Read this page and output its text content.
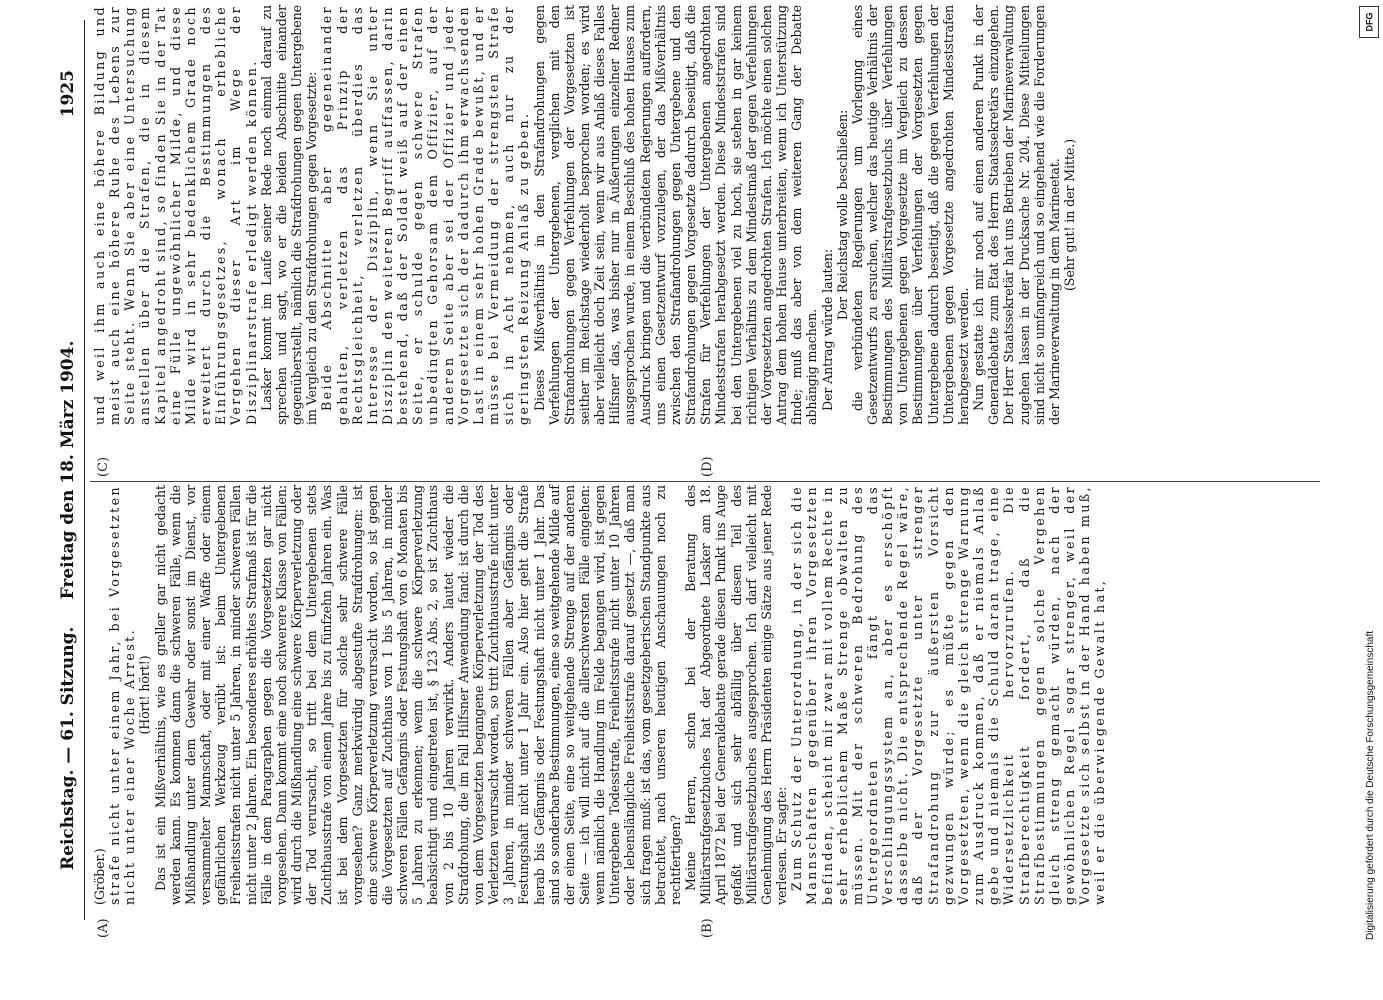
Reichstag. — 61. Sitzung.
Freitag den 18. März 1904.
1925
(A)	(B)
(C)	(D)

(Gröber.) strafe nicht unter einem Jahr, bei Vorgesetzten nicht unter einer Woche Arrest. (Hört! hört!) Das ist ein Mißverhältnis, wie es greller gar nicht gedacht werden kann. Es kommen dann die schweren Fälle, wenn die Mißhandlung unter dem Gewehr oder sonst im Dienst, vor versammelter Mannschaft, oder mit einer Waffe oder einem gefährlichen Werkzeug verübt ist: beim Untergebenen Freiheitsstrafen nicht unter 5 Jahren, in minder schweren Fällen nicht unter 2 Jahren. Ein besonderes erhöhtes Strafmaß ist für die Fälle in dem Paragraphen gegen die Vorgesetzten gar nicht vorgesehen. Dann kommt eine noch schwerere Klasse von Fällen: wird durch die Mißhandlung eine schwere Körperverletzung oder der Tod verursacht, so tritt bei dem Untergebenen stets Zuchthausstrafe von einem Jahre bis zu fünfzehn Jahren ein. Was ist bei dem Vorgesetzten für solche sehr schwere Fälle vorgesehen? Ganz merkwürdig abgestufte Strafdrohungen: ist eine schwere Körperverletzung verursacht worden, so ist gegen die Vorgesetzten auf Zuchthaus von 1 bis 5 Jahren, in minder schweren Fällen Gefängnis oder Festungshaft von 6 Monaten bis 5 Jahren zu erkennen; wenn die schwere Körperverletzung beabsichtigt und eingetreten ist, § 123 Abs. 2, so ist Zuchthaus von 2 bis 10 Jahren verwirkt. Anders lautet wieder die Strafdrohung, die im Fall Hilfsner Anwendung fand: ist durch die von dem Vorgesetzten begangene Körperverletzung der Tod des Verletzten verursacht worden, so tritt Zuchthausstrafe nicht unter 3 Jahren, in minder schweren Fällen aber Gefängnis oder Festungshaft nicht unter 1 Jahr ein. Also hier geht die Strafe herab bis Gefängnis oder Festungshaft nicht unter 1 Jahr. Das sind so sonderbare Bestimmungen, eine so weitgehende Milde auf der einen Seite, eine so weitgehende Strenge auf der anderen Seite — ich will nicht auf die allerschwersten Fälle eingehen: wenn nämlich die Handlung im Felde begangen wird, ist gegen Untergebene Todesstrafe, Freiheitsstrafe nicht unter 10 Jahren oder lebenslängliche Freiheitsstrafe darauf gesetzt —, daß man sich fragen muß: ist das, vom gesetzgeberischen Standpunkte aus betrachtet, nach unseren heutigen Anschauungen noch zu rechtfertigen? Meine Herren, schon bei der Beratung des Militärstrafgesetzbuches hat der Abgeordnete Lasker am 18. April 1872 bei der Generaldebatte gerade diesen Punkt ins Auge gefaßt und sich sehr abfällig über diesen Teil des Militärstrafgesetzbuches ausgesprochen. Ich darf vielleicht mit Genehmigung des Herrn Präsidenten einige Sätze aus jener Rede verlesen. Er sagte: Zum Schutz der Unterordnung, in der sich die Mannschaften gegenüber ihren Vorgesetzten befinden, scheint mir zwar mit vollem Rechte in sehr erheblichem Maße Strenge obwalten zu müssen. Mit der schweren Bedrohung des Untergeordneten fängt das Verschlingungssystem an, aber es erschöpft dasselbe nicht. Die entsprechende Regel wäre, daß der Vorgesetzte unter strenger Strafandrohung zur äußersten Vorsicht gezwungen würde; es müßte gegen den Vorgesetzten, wenn die gleich strenge Warnung zum Ausdruck kommen, daß er niemals Anlaß gebe und niemals die Schuld daran trage, eine Widersetzlichkeit hervorzurufen. Die Strafberechtigkeit fordert, daß die Strafbestimmungen gegen solche Vergehen gleich streng gemacht würden, nach der gewöhnlichen Regel sogar strenger, weil der Vorgesetzte sich selbst in der Hand haben muß, weil er die überwiegende Gewalt hat,

und weil ihm auch eine höhere Bildung und meist auch eine höhere Ruhe des Lebens zur Seite steht. Wenn Sie aber eine Untersuchung anstellen über die Strafen, die in diesem Kapitel angedroht sind, so finden Sie in der Tat eine Fülle ungewöhnlicher Milde, und diese Milde wird in sehr bedenklichem Grade noch erweitert durch die Bestimmungen des Einführungsgesetzes, wonach erhebliche Vergehen dieser Art im Wege der Disziplinarstrafe erledigt werden können. Lasker kommt im Laufe seiner Rede noch einmal darauf zu sprechen und sagt, wo er die beiden Abschnitte einander gegenüberstellt, nämlich die Strafdrohungen gegen Untergebene im Vergleich zu den Strafdrohungen gegen Vorgesetzte: Beide Abschnitte aber gegeneinander gehalten, verletzen das Prinzip der Rechtsgleichheit, verletzen überdies das Interesse der Disziplin, wenn Sie unter Disziplin den weiteren Begriff auffassen, darin bestehend, daß der Soldat weiß auf der einen Seite, er schulde gegen schwere Strafen unbedingten Gehorsam dem Offizier, auf der anderen Seite aber sei der Offizier und jeder Vorgesetzte sich der dadurch ihm erwachsenden Last in einem sehr hohen Grade bewußt, und er müsse bei Vermeidung der strengsten Strafe sich in Acht nehmen, auch nur zu der geringsten Reizung Anlaß zu geben. Dieses Mißverhältnis in den Strafandrohungen gegen Verfehlungen der Untergebenen, verglichen mit den Strafandrohungen gegen Verfehlungen der Vorgesetzten ist seither im Reichstage wiederholt besprochen worden; es wird aber vielleicht doch Zeit sein, wenn wir aus Anlaß dieses Falles Hilfsner das, was bisher nur in Äußerungen einzelner Redner ausgesprochen wurde, in einem Beschluß des hohen Hauses zum Ausdruck bringen und die verbündeten Regierungen auffordern, uns einen Gesetzentwurf vorzulegen, der das Mißverhältnis zwischen den Strafandrohungen gegen Untergebene und den Strafandrohungen gegen Vorgesetzte dadurch beseitigt, daß die Strafen für Verfehlungen der Untergebenen angedrohten Mindeststrafen herabgesetzt werden. Diese Mindeststrafen sind bei den Untergebenen viel zu hoch, sie stehen in gar keinem richtigen Verhältnis zu dem Mindestmaß der gegen Verfehlungen der Vorgesetzten angedrohten Strafen. Ich möchte einen solchen Antrag dem hohen Hause unterbreiten, wenn ich Unterstützung finde; muß das aber von dem weiteren Gang der Debatte abhängig machen. Der Antrag würde lauten:

Der Reichstag wolle beschließen: die verbündeten Regierungen um Vorlegung eines Gesetzentwurfs zu ersuchen, welcher das heutige Verhältnis der Bestimmungen des Militärstrafgesetzbuchs über Verfehlungen von Untergebenen gegen Vorgesetzte im Vergleich zu dessen Bestimmungen über Verfehlungen der Vorgesetzten gegen Untergebene dadurch beseitigt, daß die gegen Verfehlungen der Untergebenen gegen Vorgesetzte angedrohten Mindeststrafen herabgesetzt werden. Nun gestatte ich mir noch auf einen anderen Punkt in der Generaldebatte zum Etat des Herrn Staatssekretärs einzugehen. Der Herr Staatssekretär hat uns Betrieben der Marineverwaltung zugehen lassen in der Drucksache Nr. 204. Diese Mitteilungen sind nicht so umfangreich und so eingehend wie die Forderungen der Marineverwaltung in dem Marineetat. (Sehr gut! in der Mitte.)

DFG
Digitalisierung gefördert durch die Deutsche Forschungsgemeinschaft
